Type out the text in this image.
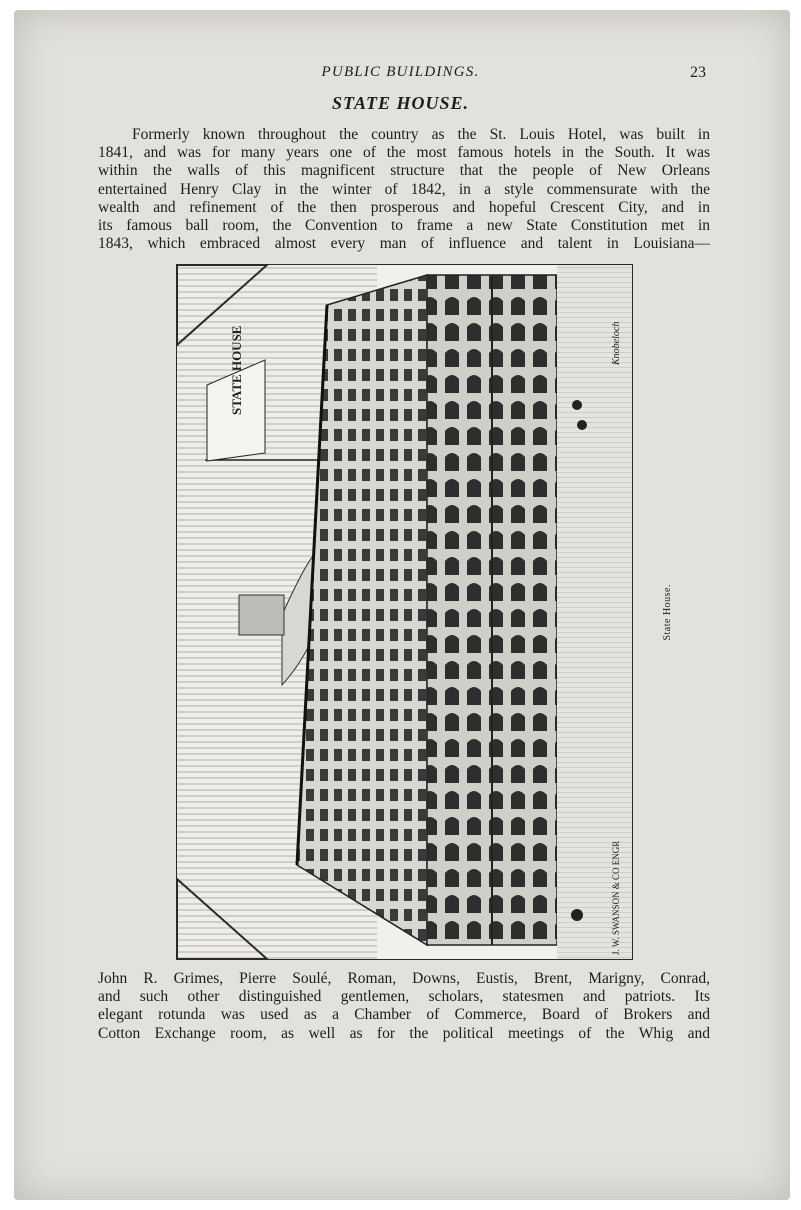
PUBLIC BUILDINGS.	23
STATE HOUSE.

Formerly known throughout the country as the St. Louis Hotel, was built in
1841, and was for many years one of the most famous hotels in the South. It was
within the walls of this magnificent structure that the people of New Orleans
entertained Henry Clay in the winter of 1842, in a style commensurate with the
wealth and refinement of the then prosperous and hopeful Crescent City, and in
its famous ball room, the Convention to frame a new State Constitution met in
1843, which embraced almost every man of influence and talent in Louisiana—

STATE HOUSE	Knobeloch
J. W. SWANSON & CO ENGR
State House.

John R. Grimes, Pierre Soulé, Roman, Downs, Eustis, Brent, Marigny, Conrad,
and such other distinguished gentlemen, scholars, statesmen and patriots. Its
elegant rotunda was used as a Chamber of Commerce, Board of Brokers and
Cotton Exchange room, as well as for the political meetings of the Whig and
